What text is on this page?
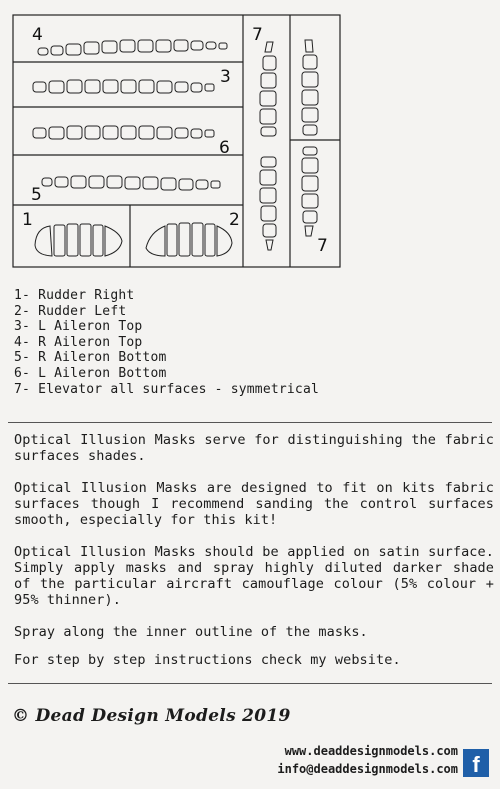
4
3
6
5
1	2
7
7
1- Rudder Right
2- Rudder Left
3- L Aileron Top
4- R Aileron Top
5- R Aileron Bottom
6- L Aileron Bottom
7- Elevator all surfaces - symmetrical

Optical Illusion Masks serve for distinguishing the fabric surfaces shades.

Optical Illusion Masks are designed to fit on kits fabric surfaces though I recommend sanding the control surfaces smooth, especially for this kit!

Optical Illusion Masks should be applied on satin surface. Simply apply masks and spray highly diluted darker shade of the particular aircraft camouflage colour (5% colour + 95% thinner).

Spray along the inner outline of the masks.

For step by step instructions check my website.

© Dead Design Models 2019
www.deaddesignmodels.com
info@deaddesignmodels.com f
